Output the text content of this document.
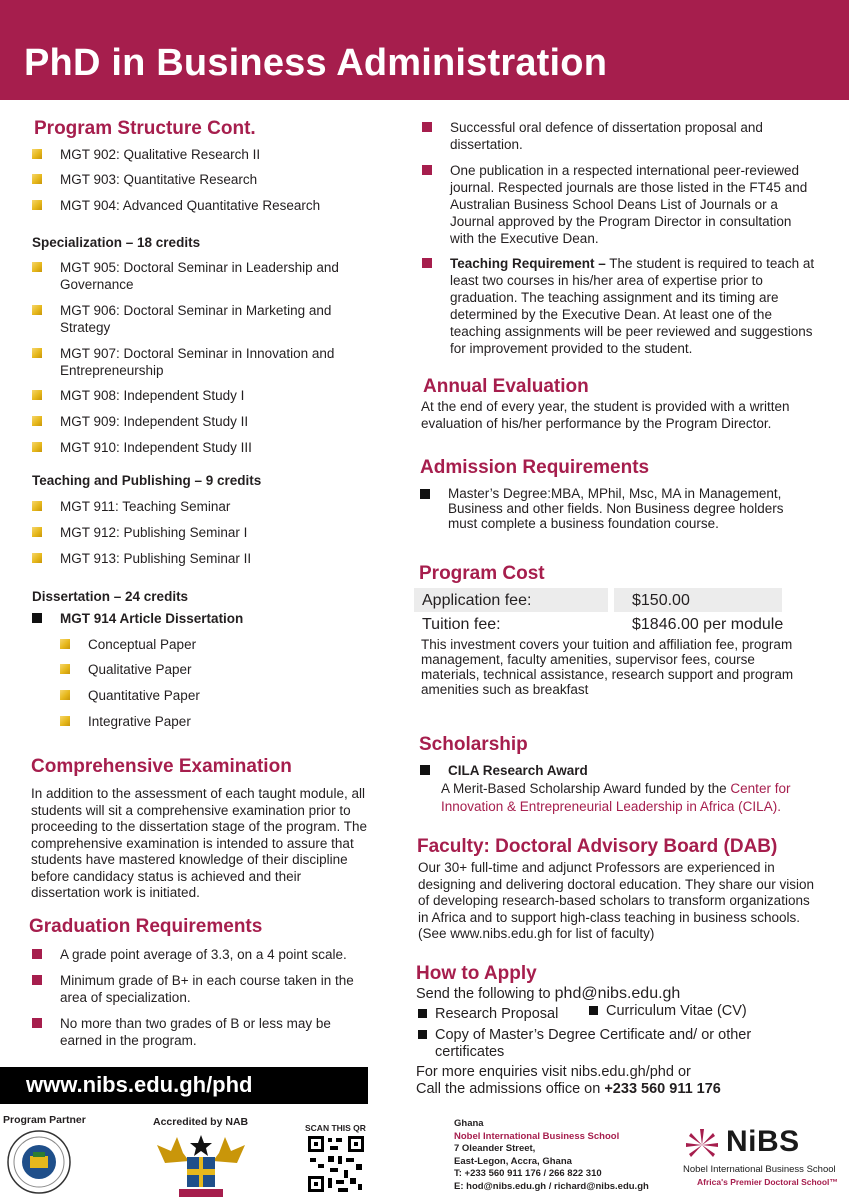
PhD in Business Administration
Program Structure Cont.
MGT 902: Qualitative Research II
MGT 903: Quantitative Research
MGT 904: Advanced Quantitative Research
Specialization – 18 credits
MGT 905: Doctoral Seminar in Leadership and Governance
MGT 906: Doctoral Seminar in Marketing and Strategy
MGT 907: Doctoral Seminar in Innovation and Entrepreneurship
MGT 908: Independent Study I
MGT 909: Independent Study II
MGT 910: Independent Study III
Teaching and Publishing – 9 credits
MGT 911: Teaching Seminar
MGT 912: Publishing Seminar I
MGT 913: Publishing Seminar II
Dissertation – 24 credits
MGT 914 Article Dissertation
Conceptual Paper
Qualitative Paper
Quantitative Paper
Integrative Paper
Comprehensive Examination
In addition to the assessment of each taught module, all students will sit a comprehensive examination prior to proceeding to the dissertation stage of the program. The comprehensive examination is intended to assure that students have mastered knowledge of their discipline before candidacy status is achieved and their dissertation work is initiated.
Graduation Requirements
A grade point average of 3.3, on a 4 point scale.
Minimum grade of B+ in each course taken in the area of specialization.
No more than two grades of B or less may be earned in the program.
www.nibs.edu.gh/phd
Successful oral defence of dissertation proposal and dissertation.
One publication in a respected international peer-reviewed journal. Respected journals are those listed in the FT45 and Australian Business School Deans List of Journals or a Journal approved by the Program Director in consultation with the Executive Dean.
Teaching Requirement – The student is required to teach at least two courses in his/her area of expertise prior to graduation. The teaching assignment and its timing are determined by the Executive Dean. At least one of the teaching assignments will be peer reviewed and suggestions for improvement provided to the student.
Annual Evaluation
At the end of every year, the student is provided with a written evaluation of his/her performance by the Program Director.
Admission Requirements
Master’s Degree:MBA, MPhil, Msc, MA in Management, Business and other fields. Non Business degree holders must complete a business foundation course.
Program Cost
Application fee:	$150.00
Tuition fee:	$1846.00 per module
This investment covers your tuition and affiliation fee, program management, faculty amenities, supervisor fees, course materials, technical assistance, research support and program amenities such as breakfast
Scholarship
CILA Research Award
A Merit-Based Scholarship Award funded by the Center for Innovation & Entrepreneurial Leadership in Africa (CILA).
Faculty: Doctoral Advisory Board (DAB)
Our 30+ full-time and adjunct Professors are experienced in designing and delivering doctoral education. They share our vision of developing research-based scholars to transform organizations in Africa and to support high-class teaching in business schools. (See www.nibs.edu.gh for list of faculty)
How to Apply
Send the following to phd@nibs.edu.gh
Research Proposal	Curriculum Vitae (CV)
Copy of Master’s Degree Certificate and/ or other certificates
For more enquiries visit nibs.edu.gh/phd or
Call the admissions office on +233 560 911 176
Program Partner	Accredited by NAB	SCAN THIS QR	Ghana
Nobel International Business School
7 Oleander Street,
East-Legon, Accra, Ghana
T: +233 560 911 176 / 266 822 310
E: hod@nibs.edu.gh / richard@nibs.edu.gh
NiBS
Nobel International Business School
Africa's Premier Doctoral School™
